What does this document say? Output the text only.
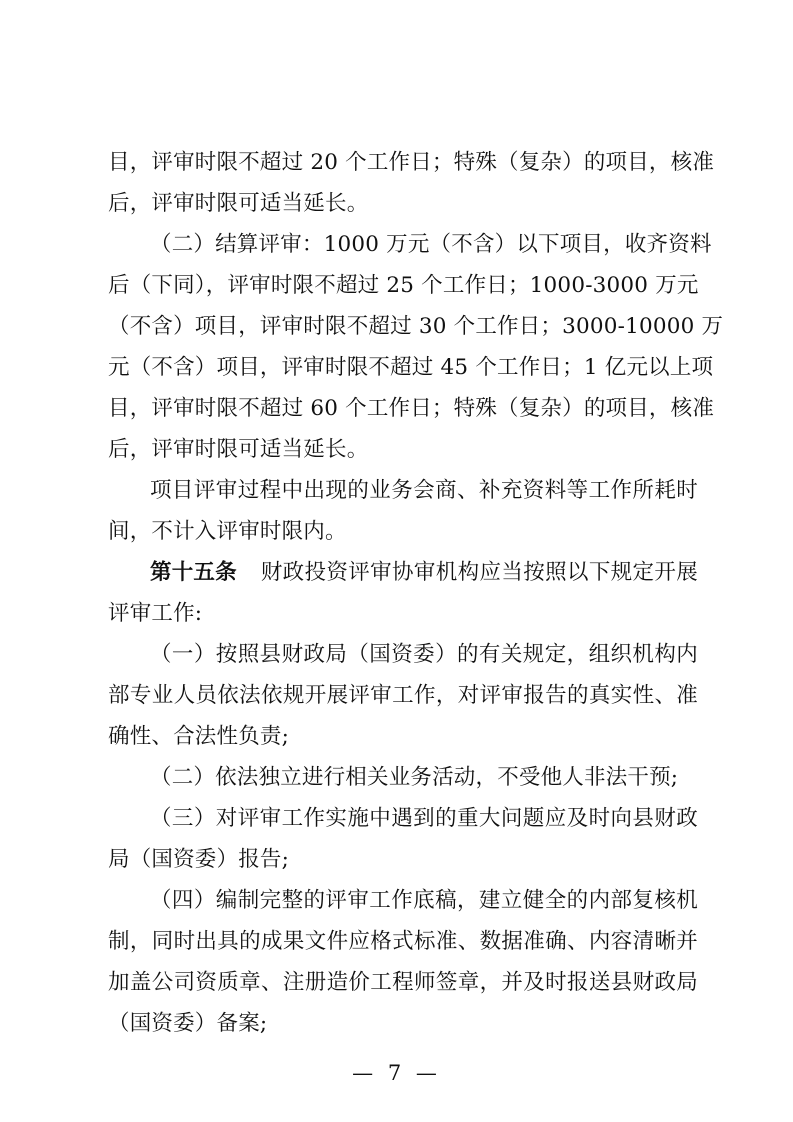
目，评审时限不超过 20 个工作日；特殊（复杂）的项目，核准
后，评审时限可适当延长。
（二）结算评审：1000 万元（不含）以下项目，收齐资料
后（下同），评审时限不超过 25 个工作日；1000-3000 万元
（不含）项目，评审时限不超过 30 个工作日；3000-10000 万
元（不含）项目，评审时限不超过 45 个工作日；1 亿元以上项
目，评审时限不超过 60 个工作日；特殊（复杂）的项目，核准
后，评审时限可适当延长。
项目评审过程中出现的业务会商、补充资料等工作所耗时
间，不计入评审时限内。
第十五条 财政投资评审协审机构应当按照以下规定开展
评审工作:
（一）按照县财政局（国资委）的有关规定，组织机构内
部专业人员依法依规开展评审工作，对评审报告的真实性、准
确性、合法性负责;
（二）依法独立进行相关业务活动，不受他人非法干预;
（三）对评审工作实施中遇到的重大问题应及时向县财政
局（国资委）报告;
（四）编制完整的评审工作底稿，建立健全的内部复核机
制，同时出具的成果文件应格式标准、数据准确、内容清晰并
加盖公司资质章、注册造价工程师签章，并及时报送县财政局
（国资委）备案;
— 7 —
